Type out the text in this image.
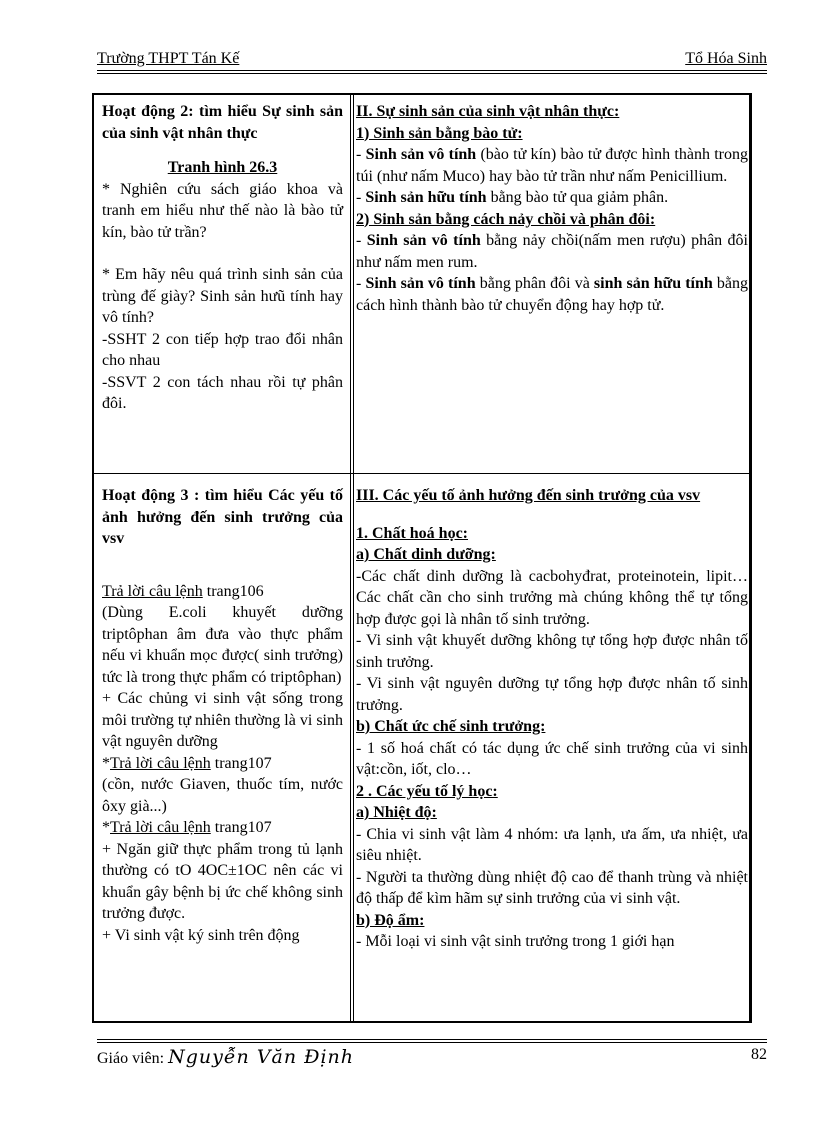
Trường THPT Tán Kế	Tổ Hóa Sinh

Hoạt động 2: tìm hiểu Sự sinh sản của sinh vật nhân thực

Tranh hình 26.3

* Nghiên cứu sách giáo khoa và tranh em hiểu như thế nào là bào tử kín, bào tử trần?

* Em hãy nêu quá trình sinh sản của trùng đế giày? Sinh sản hưũ tính hay vô tính?

-SSHT 2 con tiếp hợp trao đổi nhân cho nhau

-SSVT 2 con tách nhau rồi tự phân đôi.

II. Sự sinh sản của sinh vật nhân thực:

1) Sinh sản bằng bào tử:

- Sinh sản vô tính (bào tử kín) bào tử được hình thành trong túi (như nấm Muco) hay bào tử trần như nấm Penicillium.

- Sinh sản hữu tính bằng bào tử qua giảm phân.

2) Sinh sản bằng cách nảy chồi và phân đôi:

- Sinh sản vô tính bằng nảy chồi(nấm men rượu) phân đôi như nấm men rum.

- Sinh sản vô tính bằng phân đôi và sinh sản hữu tính bằng cách hình thành bào tử chuyển động hay hợp tử.

Hoạt động 3 : tìm hiểu Các yếu tố ảnh hưởng đến sinh trưởng của vsv

Trả lời câu lệnh trang106

(Dùng E.coli khuyết dưỡng triptôphan âm đưa vào thực phẩm nếu vi khuẩn mọc được( sinh trưởng) tức là trong thực phẩm có triptôphan)

+ Các chủng vi sinh vật sống trong môi trường tự nhiên thường là vi sinh vật nguyên dưỡng

*Trả lời câu lệnh trang107

(cồn, nước Giaven, thuốc tím, nước ôxy già...)

*Trả lời câu lệnh trang107

+ Ngăn giữ thực phẩm trong tủ lạnh thường có tO 4OC±1OC nên các vi khuẩn gây bệnh bị ức chế không sinh trưởng được.

+ Vi sinh vật ký sinh trên động

III. Các yếu tố ảnh hưởng đến sinh trưởng của vsv

1. Chất hoá học:

a) Chất dinh dưỡng:

-Các chất dinh dưỡng là cacbohyđrat, proteinotein, lipit…Các chất cần cho sinh trưởng mà chúng không thể tự tổng hợp được gọi là nhân tố sinh trưởng.

- Vi sinh vật khuyết dưỡng không tự tổng hợp được nhân tố sinh trưởng.

- Vi sinh vật nguyên dưỡng tự tổng hợp được nhân tố sinh trưởng.

b) Chất ức chế sinh trưởng:

- 1 số hoá chất có tác dụng ức chế sinh trưởng của vi sinh vật:cồn, iốt, clo…

2 . Các yếu tố lý học:

a) Nhiệt độ:

- Chia vi sinh vật làm 4 nhóm: ưa lạnh, ưa ấm, ưa nhiệt, ưa siêu nhiệt.

- Người ta thường dùng nhiệt độ cao để thanh trùng và nhiệt độ thấp để kìm hãm sự sinh trưởng của vi sinh vật.

b) Độ ẩm:

- Mỗi loại vi sinh vật sinh trưởng trong 1 giới hạn

Giáo viên: Nguyễn Văn Định	82
